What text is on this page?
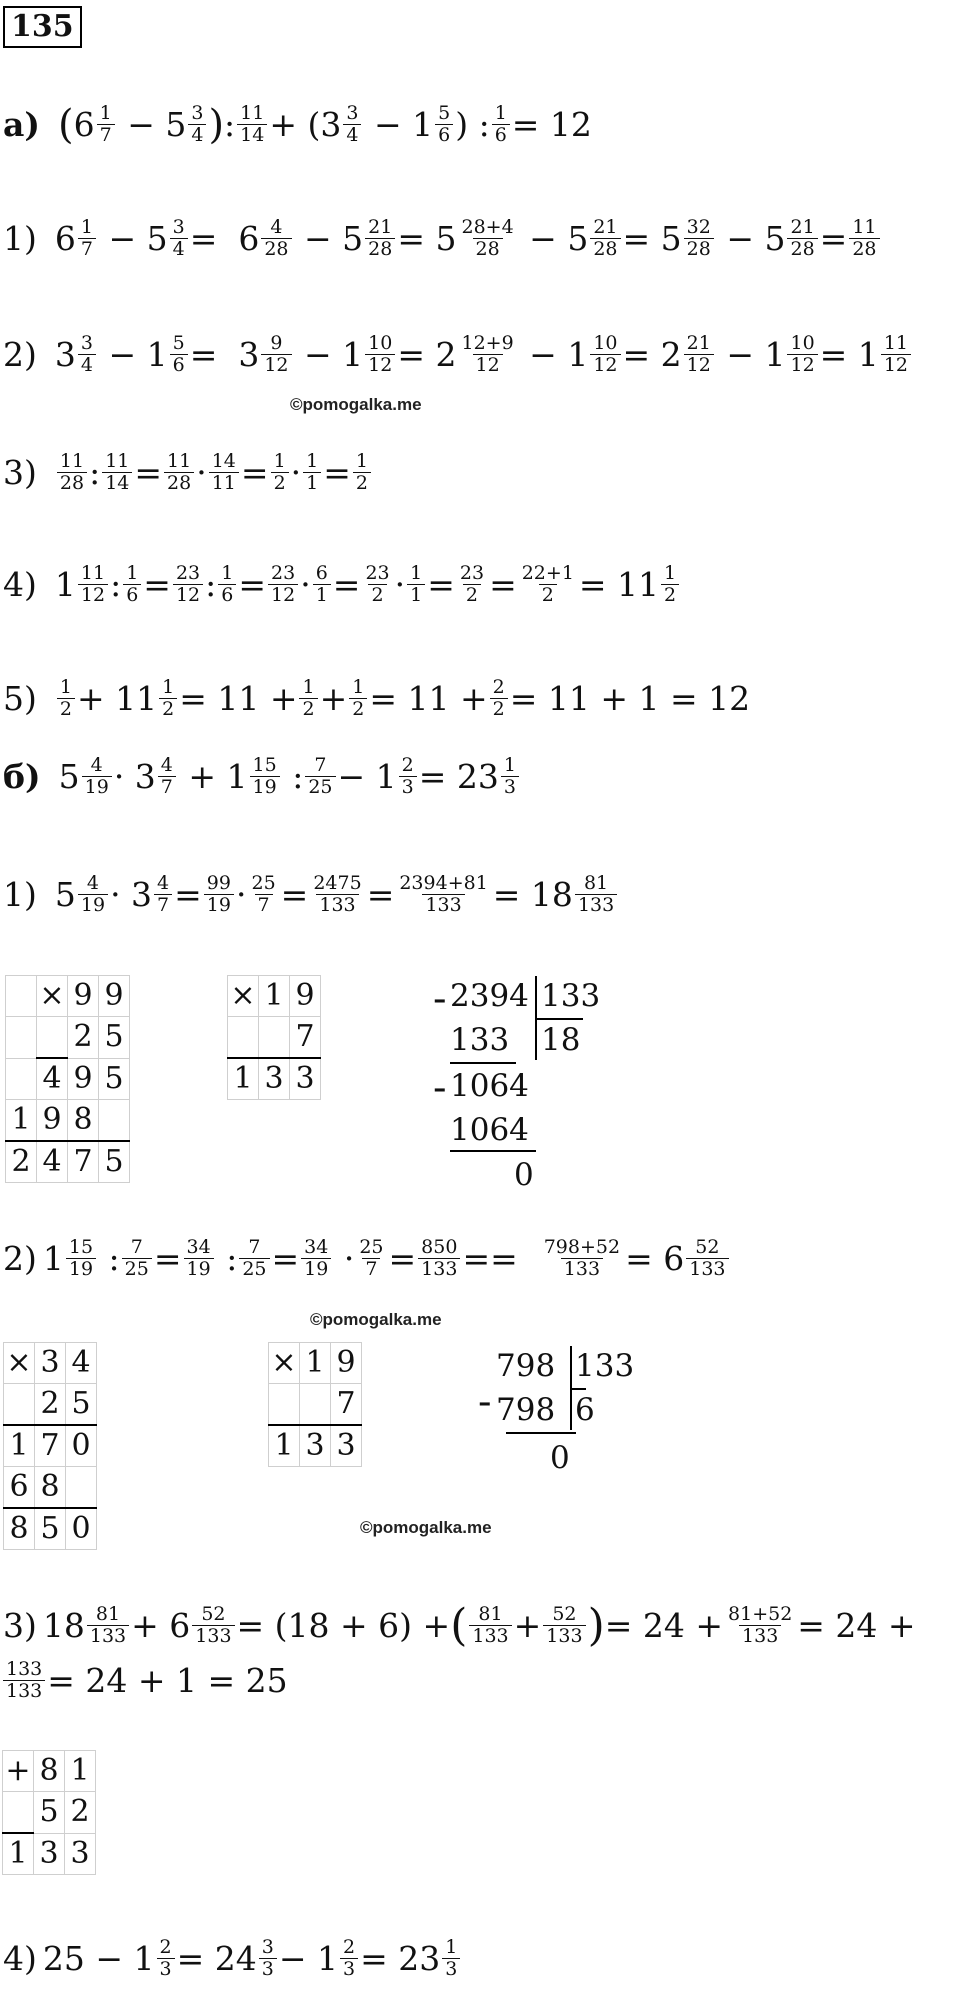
135
а) ( $6 \frac{1}{7} - 5 \frac{3}{4}$ ) : $\frac{11}{14} + (3 \frac{3}{4} - 1 \frac{5}{6}$ ) : $\frac{1}{6} = 12$
1) $6 \frac{1}{7} - 5 \frac{3}{4} = 6 \frac{4}{28} - 5 \frac{21}{28} = 5 \frac{28+4}{28} - 5 \frac{21}{28} = 5 \frac{32}{28} - 5 \frac{21}{28} = \frac{11}{28}$
2) $3 \frac{3}{4} - 1 \frac{5}{6} = 3 \frac{9}{12} - 1 \frac{10}{12} = 2 \frac{12+9}{12} - 1 \frac{10}{12} = 2 \frac{21}{12} - 1 \frac{10}{12} = 1 \frac{11}{12}$
©pomogalka.me
$3) \frac{11}{28}$ : $\frac{11}{14} = \frac{11}{28} \cdot \frac{14}{11} = \frac{1}{2} \cdot \frac{1}{1} = \frac{1}{2}$
4) $1 \frac{11}{12}$ : $\frac{1}{6} = \frac{23}{12}$ : $\frac{1}{6} = \frac{23}{12} \cdot \frac{6}{1} = \frac{23}{2} \cdot \frac{1}{1} = \frac{23}{2} = \frac{22+1}{2} = 11 \frac{1}{2}$
$5) \frac{1}{2} + 11 \frac{1}{2} = 11 + \frac{1}{2} + \frac{1}{2} = 11 + \frac{2}{2} = 11 + 1 = 12$
б) $5 \frac{4}{19} \cdot 3 \frac{4}{7} + 1 \frac{15}{19}$ : $\frac{7}{25} - 1 \frac{2}{3} = 23 \frac{1}{3}$
1) $5 \frac{4}{19} \cdot 3 \frac{4}{7} = \frac{99}{19} \cdot \frac{25}{7} = \frac{2475}{133} = \frac{2394+81}{133} = 18 \frac{81}{133}$
	×	9	9
		2	5
	4	9	5
1	9	8	
2	4	7	5
×	1	9
		7
1	3	3
- 2394 133
133 18
- 1064
1064
0
2) $1 \frac{15}{19}$ : $\frac{7}{25} = \frac{34}{19}$ : $\frac{7}{25} = \frac{34}{19} \cdot \frac{25}{7} = \frac{850}{133} == \frac{798+52}{133} = 6 \frac{52}{133}$
©pomogalka.me
×	3	4
	2	5
1	7	0
6	8	
8	5	0
×	1	9
		7
1	3	3
798 133
- 798 6
0
©pomogalka.me
3) $18 \frac{81}{133} + 6 \frac{52}{133} = (18 + 6)$ + ( $\frac{81}{133} + \frac{52}{133}$ ) = $24 + \frac{81+52}{133} = 24$ +
$\frac{133}{133} = 24 + 1 = 25$
+	8	1
	5	2
1	3	3
4) $25 - 1 \frac{2}{3} = 24 \frac{3}{3} - 1 \frac{2}{3} = 23 \frac{1}{3}$
